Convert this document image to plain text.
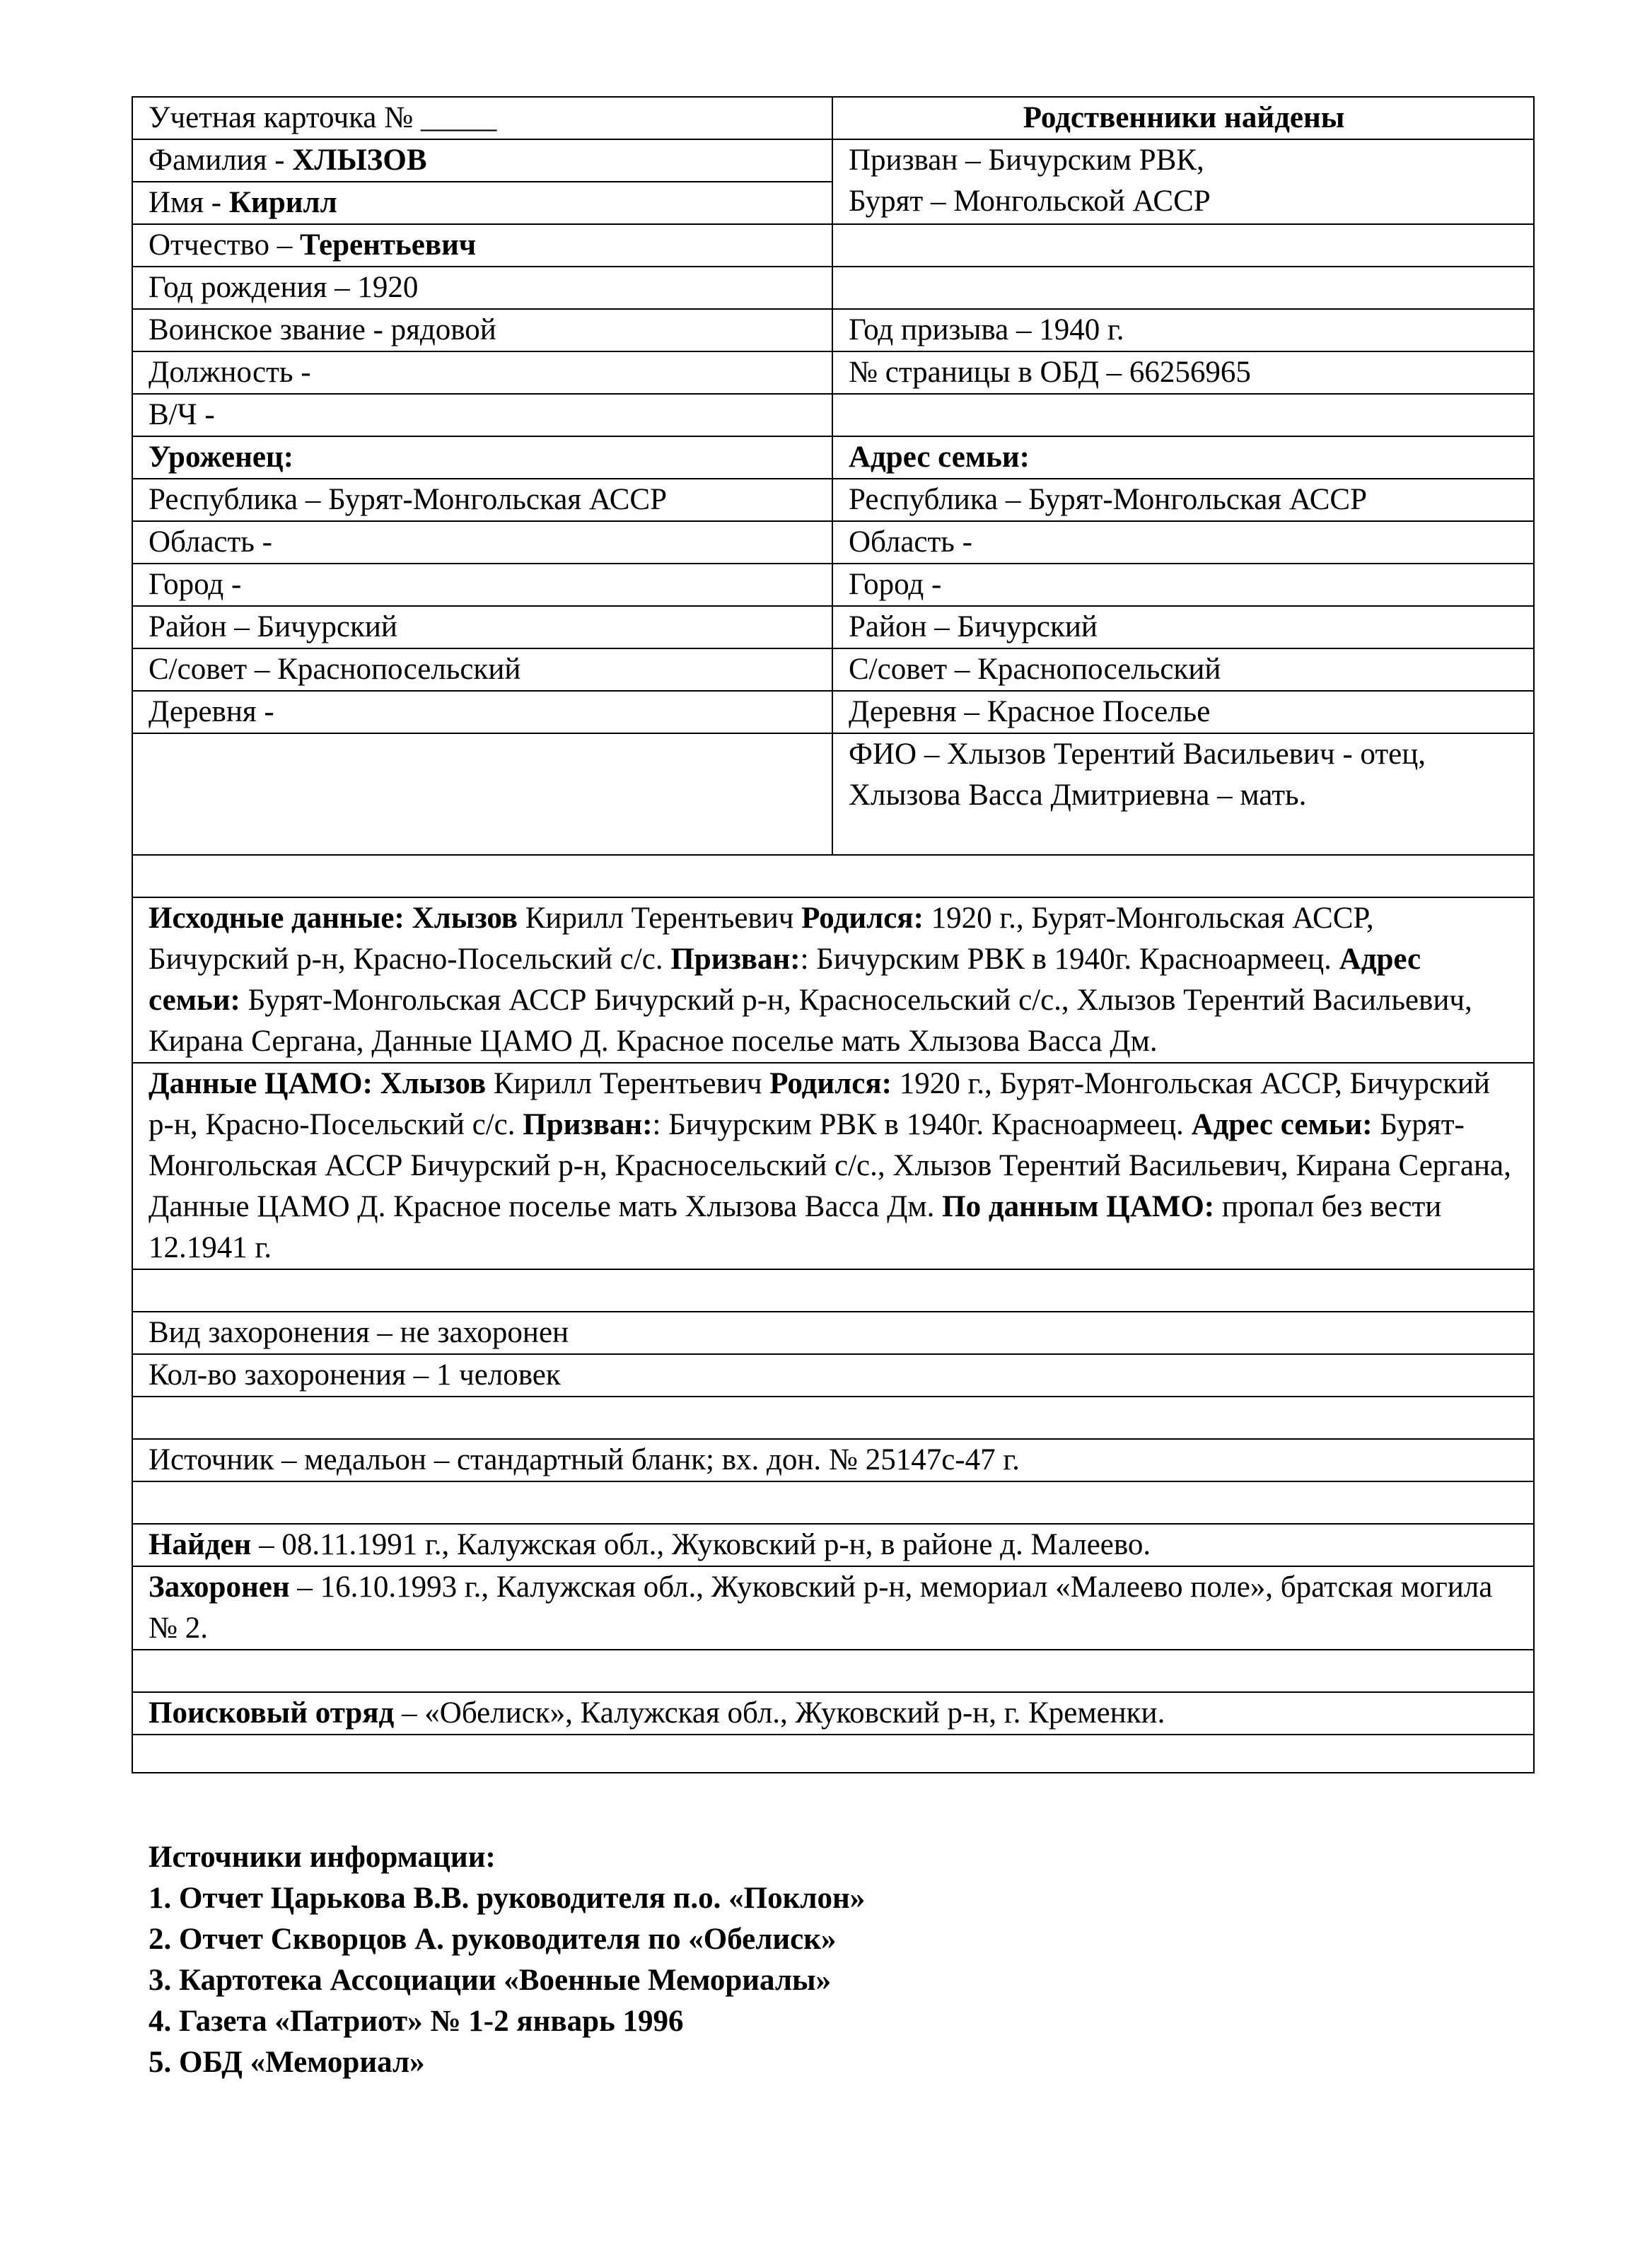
Учетная карточка № _____	Родственники найдены
Фамилия - ХЛЫЗОВ	Призван – Бичурским РВК,
Бурят – Монгольской АССР

Имя - Кирилл	
Отчество – Терентьевич	
Год рождения – 1920	
Воинское звание - рядовой	Год призыва – 1940 г.
Должность -	№ страницы в ОБД – 66256965
В/Ч -	
Уроженец:	Адрес семьи:
Республика – Бурят-Монгольская АССР	Республика – Бурят-Монгольская АССР
Область -	Область -
Город -	Город -
Район – Бичурский	Район – Бичурский
С/совет – Краснопосельский	С/совет – Краснопосельский
Деревня -	Деревня – Красное Поселье
	ФИО – Хлызов Терентий Васильевич - отец, Хлызова Васса Дмитриевна – мать.

Исходные данные: Хлызов Кирилл Терентьевич Родился: 1920 г., Бурят-Монгольская АССР, Бичурский р-н, Красно-Посельский с/с. Призван:: Бичурским РВК в 1940г. Красноармеец. Адрес семьи: Бурят-Монгольская АССР Бичурский р-н, Красносельский с/с., Хлызов Терентий Васильевич, Кирана Сергана, Данные ЦАМО Д. Красное поселье мать Хлызова Васса Дм.	
Данные ЦАМО: Хлызов Кирилл Терентьевич Родился: 1920 г., Бурят-Монгольская АССР, Бичурский р-н, Красно-Посельский с/с. Призван:: Бичурским РВК в 1940г. Красноармеец. Адрес семьи: Бурят-Монгольская АССР Бичурский р-н, Красносельский с/с., Хлызов Терентий Васильевич, Кирана Сергана, Данные ЦАМО Д. Красное поселье мать Хлызова Васса Дм. По данным ЦАМО: пропал без вести 12.1941 г.	

Вид захоронения – не захоронен	
Кол-во захоронения – 1 человек	

Источник – медальон – стандартный бланк; вх. дон. № 25147с-47 г.	

Найден – 08.11.1991 г., Калужская обл., Жуковский р-н, в районе д. Малеево.	
Захоронен – 16.10.1993 г., Калужская обл., Жуковский р-н, мемориал «Малеево поле», братская могила № 2.	

Поисковый отряд – «Обелиск», Калужская обл., Жуковский р-н, г. Кременки.	

Источники информации:
1. Отчет Царькова В.В. руководителя п.о. «Поклон»
2. Отчет Скворцов А. руководителя по «Обелиск»
3. Картотека Ассоциации «Военные Мемориалы»
4. Газета «Патриот» № 1-2 январь 1996
5. ОБД «Мемориал»
